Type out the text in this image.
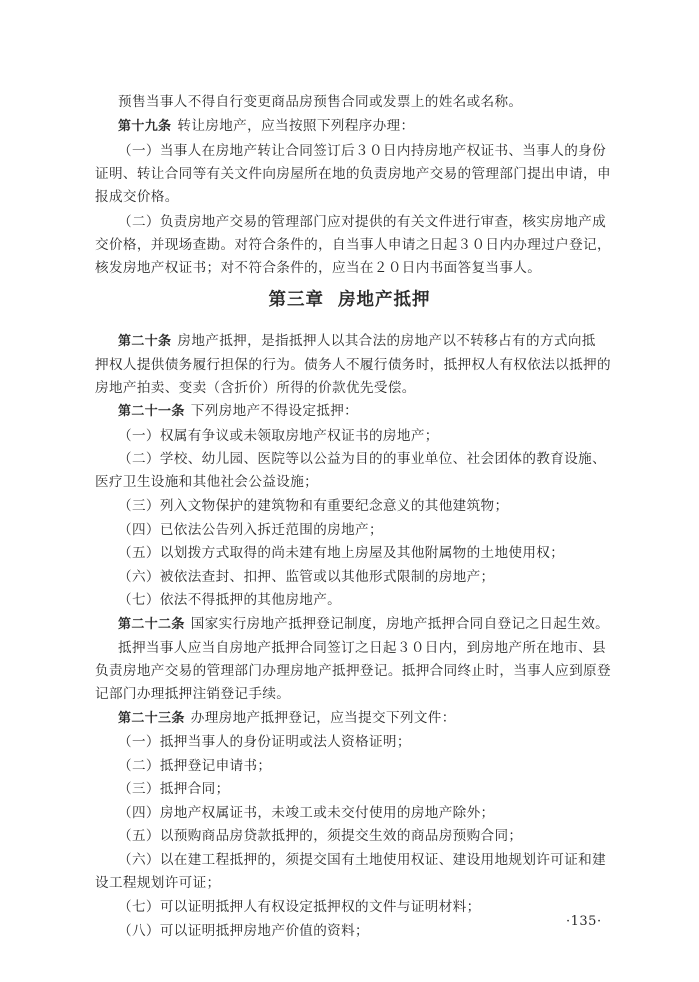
预售当事人不得自行变更商品房预售合同或发票上的姓名或名称。
第十九条 转让房地产，应当按照下列程序办理：
（一）当事人在房地产转让合同签订后３０日内持房地产权证书、当事人的身份
证明、转让合同等有关文件向房屋所在地的负责房地产交易的管理部门提出申请，申
报成交价格。
（二）负责房地产交易的管理部门应对提供的有关文件进行审查，核实房地产成
交价格，并现场查勘。对符合条件的，自当事人申请之日起３０日内办理过户登记，
核发房地产权证书；对不符合条件的，应当在２０日内书面答复当事人。
第三章 房地产抵押
第二十条 房地产抵押，是指抵押人以其合法的房地产以不转移占有的方式向抵
押权人提供债务履行担保的行为。债务人不履行债务时，抵押权人有权依法以抵押的
房地产拍卖、变卖（含折价）所得的价款优先受偿。
第二十一条 下列房地产不得设定抵押：
（一）权属有争议或未领取房地产权证书的房地产；
（二）学校、幼儿园、医院等以公益为目的的事业单位、社会团体的教育设施、
医疗卫生设施和其他社会公益设施；
（三）列入文物保护的建筑物和有重要纪念意义的其他建筑物；
（四）已依法公告列入拆迁范围的房地产；
（五）以划拨方式取得的尚未建有地上房屋及其他附属物的土地使用权；
（六）被依法查封、扣押、监管或以其他形式限制的房地产；
（七）依法不得抵押的其他房地产。
第二十二条 国家实行房地产抵押登记制度，房地产抵押合同自登记之日起生效。
抵押当事人应当自房地产抵押合同签订之日起３０日内，到房地产所在地市、县
负责房地产交易的管理部门办理房地产抵押登记。抵押合同终止时，当事人应到原登
记部门办理抵押注销登记手续。
第二十三条 办理房地产抵押登记，应当提交下列文件：
（一）抵押当事人的身份证明或法人资格证明；
（二）抵押登记申请书；
（三）抵押合同；
（四）房地产权属证书，未竣工或未交付使用的房地产除外；
（五）以预购商品房贷款抵押的，须提交生效的商品房预购合同；
（六）以在建工程抵押的，须提交国有土地使用权证、建设用地规划许可证和建
设工程规划许可证；
（七）可以证明抵押人有权设定抵押权的文件与证明材料；
（八）可以证明抵押房地产价值的资料；
·135·
